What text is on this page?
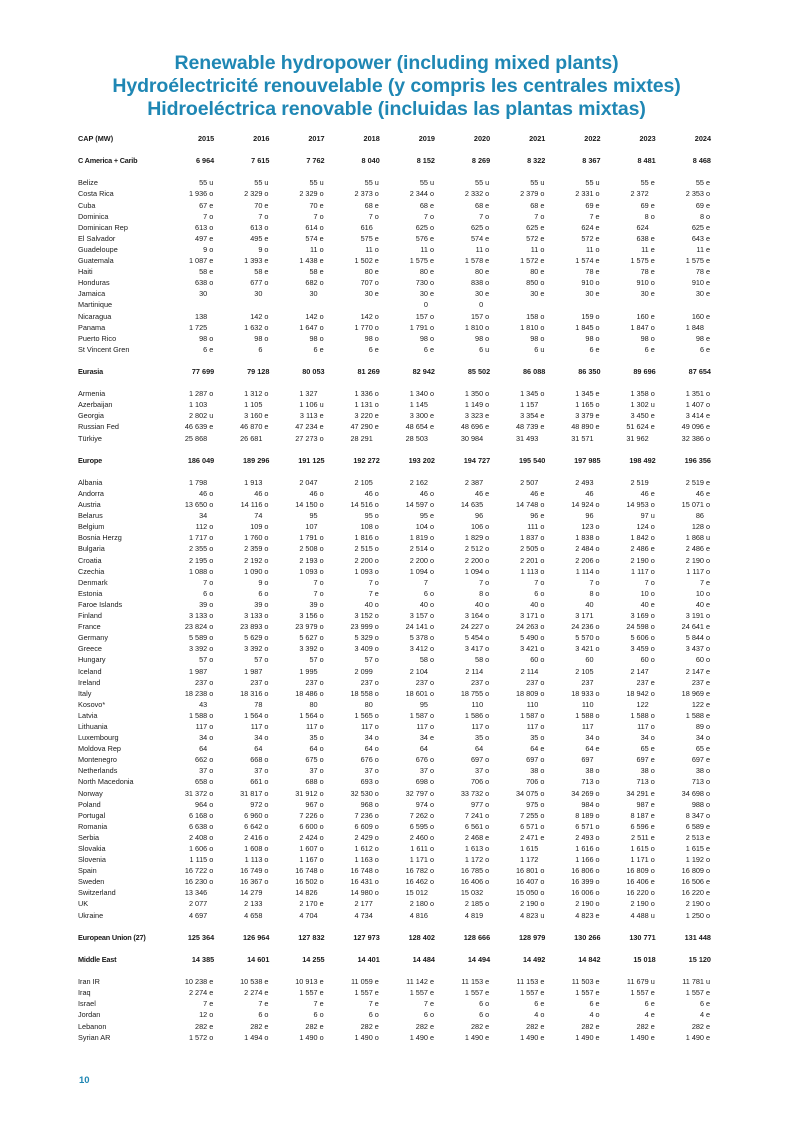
Renewable hydropower (including mixed plants)
Hydroélectricité renouvelable (y compris les centrales mixtes)
Hidroeléctrica renovable (incluidas las plantas mixtas)
CAP (MW)	2015	2016	2017	2018	2019	2020	2021	2022	2023	2024

C America + Carib	6 964	7 615	7 762	8 040	8 152	8 269	8 322	8 367	8 481	8 468

Belize	55 u	55 u	55 u	55 u	55 u	55 u	55 u	55 u	55 e	55 e
Costa Rica	1 936 o	2 329 o	2 329 o	2 373 o	2 344 o	2 332 o	2 379 o	2 331 o	2 372	2 353 o
Cuba	67 e	70 e	70 e	68 e	68 e	68 e	68 e	69 e	69 e	69 e
Dominica	7 o	7 o	7 o	7 o	7 o	7 o	7 o	7 e	8 o	8 o
Dominican Rep	613 o	613 o	614 o	616	625 o	625 o	625 e	624 e	624	625 e
El Salvador	497 e	495 e	574 e	575 e	576 e	574 e	572 e	572 e	638 e	643 e
Guadeloupe	9 o	9 o	11 o	11 o	11 o	11 o	11 o	11 o	11 e	11 e
Guatemala	1 087 e	1 393 e	1 438 e	1 502 e	1 575 e	1 578 e	1 572 e	1 574 e	1 575 e	1 575 e
Haiti	58 e	58 e	58 e	80 e	80 e	80 e	80 e	78 e	78 e	78 e
Honduras	638 o	677 o	682 o	707 o	730 o	838 o	850 o	910 o	910 o	910 e
Jamaica	30	30	30	30 e	30 e	30 e	30 e	30 e	30 e	30 e
Martinique					0	0				
Nicaragua	138	142 o	142 o	142 o	157 o	157 o	158 o	159 o	160 e	160 e
Panama	1 725	1 632 o	1 647 o	1 770 o	1 791 o	1 810 o	1 810 o	1 845 o	1 847 o	1 848
Puerto Rico	98 o	98 o	98 o	98 o	98 o	98 o	98 o	98 o	98 o	98 e
St Vincent Gren	6 e	6	6 e	6 e	6 e	6 u	6 u	6 e	6 e	6 e

Eurasia	77 699	79 128	80 053	81 269	82 942	85 502	86 088	86 350	89 696	87 654

Armenia	1 287 o	1 312 o	1 327	1 336 o	1 340 o	1 350 o	1 345 o	1 345 e	1 358 o	1 351 o
Azerbaijan	1 103	1 105	1 106 u	1 131 o	1 145	1 149 o	1 157	1 165 o	1 302 u	1 407 o
Georgia	2 802 u	3 160 e	3 113 e	3 220 e	3 300 e	3 323 e	3 354 e	3 379 e	3 450 e	3 414 e
Russian Fed	46 639 e	46 870 e	47 234 e	47 290 e	48 654 e	48 696 e	48 739 e	48 890 e	51 624 e	49 096 e
Türkiye	25 868	26 681	27 273 o	28 291	28 503	30 984	31 493	31 571	31 962	32 386 o

Europe	186 049	189 296	191 125	192 272	193 202	194 727	195 540	197 985	198 492	196 356

Albania	1 798	1 913	2 047	2 105	2 162	2 387	2 507	2 493	2 519	2 519 e
Andorra	46 o	46 o	46 o	46 o	46 o	46 e	46 e	46	46 e	46 e
Austria	13 650 o	14 116 o	14 150 o	14 516 o	14 597 o	14 635	14 748 o	14 924 o	14 953 o	15 071 o
Belarus	34	74	95	95 o	95 e	96	96 e	96	97 u	86
Belgium	112 o	109 o	107	108 o	104 o	106 o	111 o	123 o	124 o	128 o
Bosnia Herzg	1 717 o	1 760 o	1 791 o	1 816 o	1 819 o	1 829 o	1 837 o	1 838 o	1 842 o	1 868 u
Bulgaria	2 355 o	2 359 o	2 508 o	2 515 o	2 514 o	2 512 o	2 505 o	2 484 o	2 486 e	2 486 e
Croatia	2 195 o	2 192 o	2 193 o	2 200 o	2 200 o	2 200 o	2 201 o	2 206 o	2 190 o	2 190 o
Czechia	1 088 o	1 090 o	1 093 o	1 093 o	1 094 o	1 094 o	1 113 o	1 114 o	1 117 o	1 117 o
Denmark	7 o	9 o	7 o	7 o	7	7 o	7 o	7 o	7 o	7 e
Estonia	6 o	6 o	7 o	7 e	6 o	8 o	6 o	8 o	10 o	10 o
Faroe Islands	39 o	39 o	39 o	40 o	40 o	40 o	40 o	40	40 e	40 e
Finland	3 133 o	3 133 o	3 156 o	3 152 o	3 157 o	3 164 o	3 171 o	3 171	3 169 o	3 191 o
France	23 824 o	23 893 o	23 979 o	23 999 o	24 141 o	24 227 o	24 263 o	24 236 o	24 598 o	24 641 e
Germany	5 589 o	5 629 o	5 627 o	5 329 o	5 378 o	5 454 o	5 490 o	5 570 o	5 606 o	5 844 o
Greece	3 392 o	3 392 o	3 392 o	3 409 o	3 412 o	3 417 o	3 421 o	3 421 o	3 459 o	3 437 o
Hungary	57 o	57 o	57 o	57 o	58 o	58 o	60 o	60	60 o	60 o
Iceland	1 987	1 987	1 995	2 099	2 104	2 114	2 114	2 105	2 147	2 147 e
Ireland	237 o	237 o	237 o	237 o	237 o	237 o	237 o	237	237 e	237 e
Italy	18 238 o	18 316 o	18 486 o	18 558 o	18 601 o	18 755 o	18 809 o	18 933 o	18 942 o	18 969 e
Kosovo*	43	78	80	80	95	110	110	110	122	122 e
Latvia	1 588 o	1 564 o	1 564 o	1 565 o	1 587 o	1 586 o	1 587 o	1 588 o	1 588 o	1 588 e
Lithuania	117 o	117 o	117 o	117 o	117 o	117 o	117 o	117	117 o	89 o
Luxembourg	34 o	34 o	35 o	34 o	34 e	35 o	35 o	34 o	34 o	34 o
Moldova Rep	64	64	64 o	64 o	64	64	64 e	64 e	65 e	65 e
Montenegro	662 o	668 o	675 o	676 o	676 o	697 o	697 o	697	697 e	697 e
Netherlands	37 o	37 o	37 o	37 o	37 o	37 o	38 o	38 o	38 o	38 o
North Macedonia	658 o	661 o	688 o	693 o	698 o	706 o	706 o	713 o	713 o	713 o
Norway	31 372 o	31 817 o	31 912 o	32 530 o	32 797 o	33 732 o	34 075 o	34 269 o	34 291 e	34 698 o
Poland	964 o	972 o	967 o	968 o	974 o	977 o	975 o	984 o	987 e	988 o
Portugal	6 168 o	6 960 o	7 226 o	7 236 o	7 262 o	7 241 o	7 255 o	8 189 o	8 187 e	8 347 o
Romania	6 638 o	6 642 o	6 600 o	6 609 o	6 595 o	6 561 o	6 571 o	6 571 o	6 596 e	6 589 e
Serbia	2 408 o	2 416 o	2 424 o	2 429 o	2 460 o	2 468 e	2 471 e	2 493 o	2 511 e	2 513 e
Slovakia	1 606 o	1 608 o	1 607 o	1 612 o	1 611 o	1 613 o	1 615	1 616 o	1 615 o	1 615 e
Slovenia	1 115 o	1 113 o	1 167 o	1 163 o	1 171 o	1 172 o	1 172	1 166 o	1 171 o	1 192 o
Spain	16 722 o	16 749 o	16 748 o	16 748 o	16 782 o	16 785 o	16 801 o	16 806 o	16 809 o	16 809 o
Sweden	16 230 o	16 367 o	16 502 o	16 431 o	16 462 o	16 406 o	16 407 o	16 399 o	16 406 e	16 506 e
Switzerland	13 346	14 279	14 826	14 980 o	15 012	15 032	15 050 o	16 006 o	16 220 o	16 220 e
UK	2 077	2 133	2 170 e	2 177	2 180 o	2 185 o	2 190 o	2 190 o	2 190 o	2 190 o
Ukraine	4 697	4 658	4 704	4 734	4 816	4 819	4 823 u	4 823 e	4 488 u	1 250 o

European Union (27)	125 364	126 964	127 832	127 973	128 402	128 666	128 979	130 266	130 771	131 448

Middle East	14 385	14 601	14 255	14 401	14 484	14 494	14 492	14 842	15 018	15 120

Iran IR	10 238 e	10 538 e	10 913 e	11 059 e	11 142 e	11 153 e	11 153 e	11 503 e	11 679 u	11 781 u
Iraq	2 274 e	2 274 e	1 557 e	1 557 e	1 557 e	1 557 e	1 557 e	1 557 e	1 557 e	1 557 e
Israel	7 e	7 e	7 e	7 e	7 e	6 o	6 e	6 e	6 e	6 e
Jordan	12 o	6 o	6 o	6 o	6 o	6 o	4 o	4 o	4 e	4 e
Lebanon	282 e	282 e	282 e	282 e	282 e	282 e	282 e	282 e	282 e	282 e
Syrian AR	1 572 o	1 494 o	1 490 o	1 490 o	1 490 e	1 490 e	1 490 e	1 490 e	1 490 e	1 490 e
10
